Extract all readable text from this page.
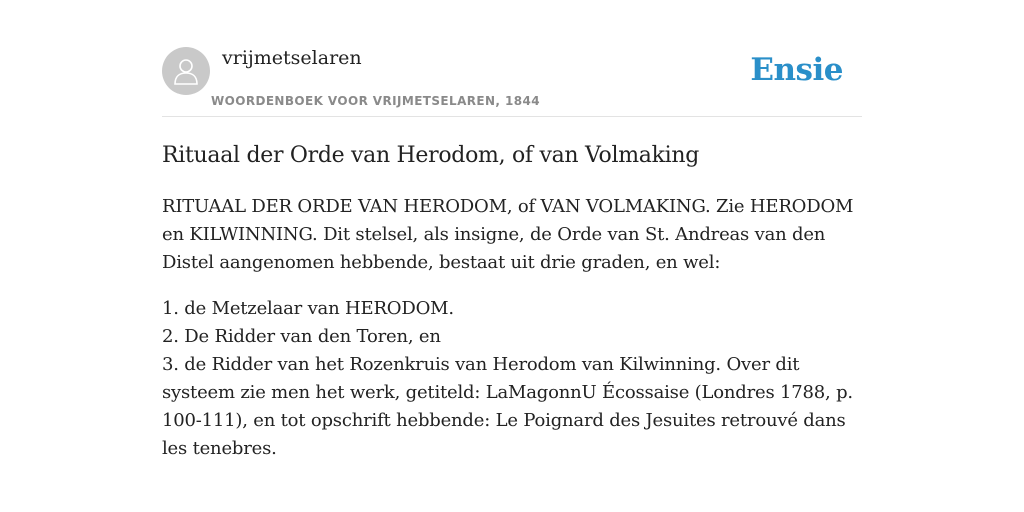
vrijmetselaren
WOORDENBOEK VOOR VRIJMETSELAREN, 1844
Ensie
Rituaal der Orde van Herodom, of van Volmaking

RITUAAL DER ORDE VAN HERODOM, of VAN VOLMAKING. Zie HERODOM en KILWINNING. Dit stelsel, als insigne, de Orde van St. Andreas van den Distel aangenomen hebbende, bestaat uit drie graden, en wel:

1. de Metzelaar van HERODOM.
2. De Ridder van den Toren, en
3. de Ridder van het Rozenkruis van Herodom van Kilwinning. Over dit systeem zie men het werk, getiteld: LaMagonnU Écossaise (Londres 1788, p. 100-111), en tot opschrift hebbende: Le Poignard des Jesuites retrouvé dans les tenebres.
